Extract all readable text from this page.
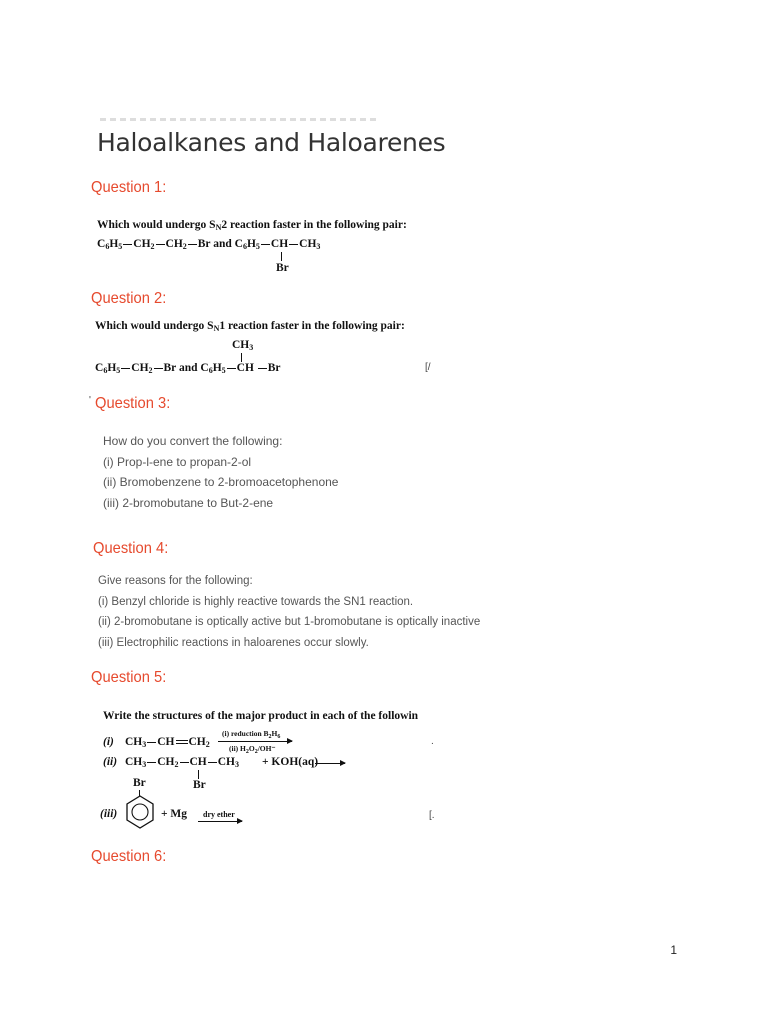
Haloalkanes and Haloarenes
Question 1:
Which would undergo $S_N2$ reaction faster in the following pair:
$C_6H_5$ $CH_2$ $CH_2$ Br and $C_6H_5$ CH $CH_3$
Br
Question 2:
Which would undergo $S_N1$ reaction faster in the following pair:
$CH_3$
$C_6H_5$ $CH_2$ Br and $C_6H_5$ CH Br	[/
' Question 3:
How do you convert the following:
(i) Prop-l-ene to propan-2-ol
(ii) Bromobenzene to 2-bromoacetophenone
(iii) 2-bromobutane to But-2-ene
Question 4:
Give reasons for the following:
(i) Benzyl chloride is highly reactive towards the SN1 reaction.
(ii) 2-bromobutane is optically active but 1-bromobutane is optically inactive
(iii) Electrophilic reactions in haloarenes occur slowly.
Question 5:
Write the structures of the major product in each of the followin
(i) $CH_3$ CH $CH_2$
(i) reduction $B_2H_6$
(ii) $H_2O_2/OH^-$
.
(ii) $CH_3$ $CH_2$ CH $CH_3 + KOH(aq)$
Br
Br
(iii)	+ Mg dry ether	[.
Question 6:
1
